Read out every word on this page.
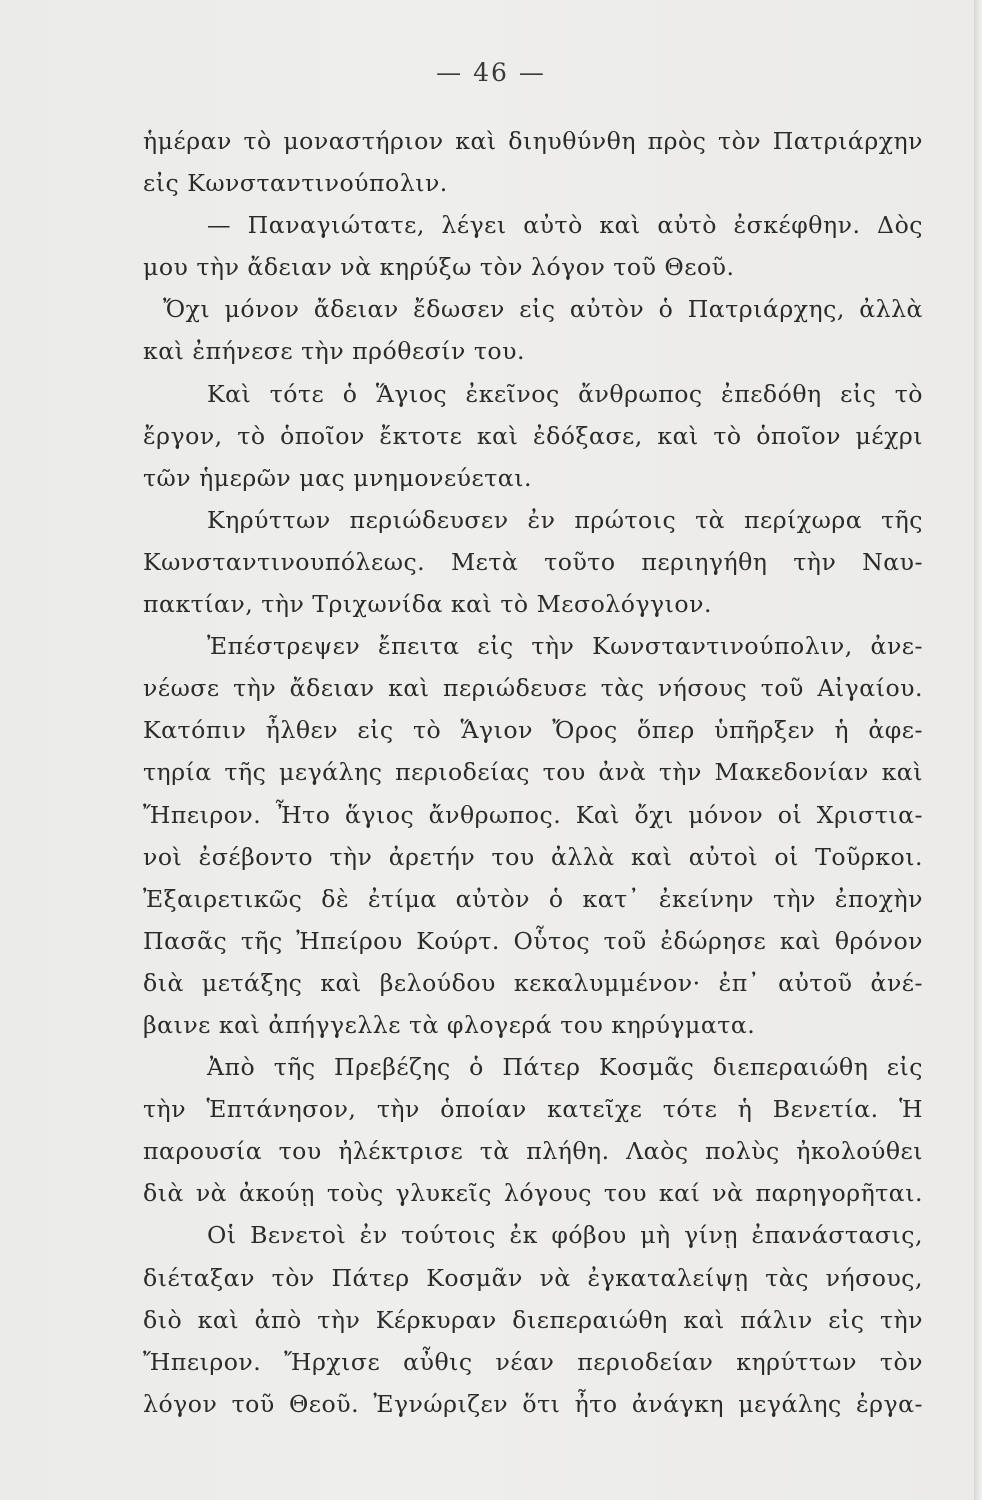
— 46 —
ἡμέραν τὸ μοναστήριον καὶ διηυθύνθη πρὸς τὸν Πατριάρχην
εἰς Κωνσταντινούπολιν.
— Παναγιώτατε, λέγει αὐτὸ καὶ αὐτὸ ἐσκέφθην. Δὸς
μου τὴν ἄδειαν νὰ κηρύξω τὸν λόγον τοῦ Θεοῦ.
Ὄχι μόνον ἄδειαν ἔδωσεν εἰς αὐτὸν ὁ Πατριάρχης, ἀλλὰ
καὶ ἐπήνεσε τὴν πρόθεσίν του.
Καὶ τότε ὁ Ἅγιος ἐκεῖνος ἄνθρωπος ἐπεδόθη εἰς τὸ
ἔργον, τὸ ὁποῖον ἔκτοτε καὶ ἐδόξασε, καὶ τὸ ὁποῖον μέχρι
τῶν ἡμερῶν μας μνημονεύεται.
Κηρύττων περιώδευσεν ἐν πρώτοις τὰ περίχωρα τῆς
Κωνσταντινουπόλεως. Μετὰ τοῦτο περιηγήθη τὴν Ναυ-
πακτίαν, τὴν Τριχωνίδα καὶ τὸ Μεσολόγγιον.
Ἐπέστρεψεν ἔπειτα εἰς τὴν Κωνσταντινούπολιν, ἀνε-
νέωσε τὴν ἄδειαν καὶ περιώδευσε τὰς νήσους τοῦ Αἰγαίου.
Κατόπιν ἦλθεν εἰς τὸ Ἅγιον Ὄρος ὅπερ ὑπῆρξεν ἡ ἀφε-
τηρία τῆς μεγάλης περιοδείας του ἀνὰ τὴν Μακεδονίαν καὶ
Ἤπειρον. Ἦτο ἅγιος ἄνθρωπος. Καὶ ὄχι μόνον οἱ Χριστια-
νοὶ ἐσέβοντο τὴν ἀρετήν του ἀλλὰ καὶ αὐτοὶ οἱ Τοῦρκοι.
Ἐξαιρετικῶς δὲ ἐτίμα αὐτὸν ὁ κατ᾽ ἐκείνην τὴν ἐποχὴν
Πασᾶς τῆς Ἠπείρου Κούρτ. Οὗτος τοῦ ἐδώρησε καὶ θρόνον
διὰ μετάξης καὶ βελούδου κεκαλυμμένον· ἐπ᾽ αὐτοῦ ἀνέ-
βαινε καὶ ἀπήγγελλε τὰ φλογερά του κηρύγματα.
Ἀπὸ τῆς Πρεβέζης ὁ Πάτερ Κοσμᾶς διεπεραιώθη εἰς
τὴν Ἑπτάνησον, τὴν ὁποίαν κατεῖχε τότε ἡ Βενετία. Ἡ
παρουσία του ἠλέκτρισε τὰ πλήθη. Λαὸς πολὺς ἠκολούθει
διὰ νὰ ἀκούῃ τοὺς γλυκεῖς λόγους του καί νὰ παρηγορῆται.
Οἱ Βενετοὶ ἐν τούτοις ἐκ φόβου μὴ γίνῃ ἐπανάστασις,
διέταξαν τὸν Πάτερ Κοσμᾶν νὰ ἐγκαταλείψῃ τὰς νήσους,
διὸ καὶ ἀπὸ τὴν Κέρκυραν διεπεραιώθη καὶ πάλιν εἰς τὴν
Ἤπειρον. Ἤρχισε αὖθις νέαν περιοδείαν κηρύττων τὸν
λόγον τοῦ Θεοῦ. Ἐγνώριζεν ὅτι ἦτο ἀνάγκη μεγάλης ἐργα-
